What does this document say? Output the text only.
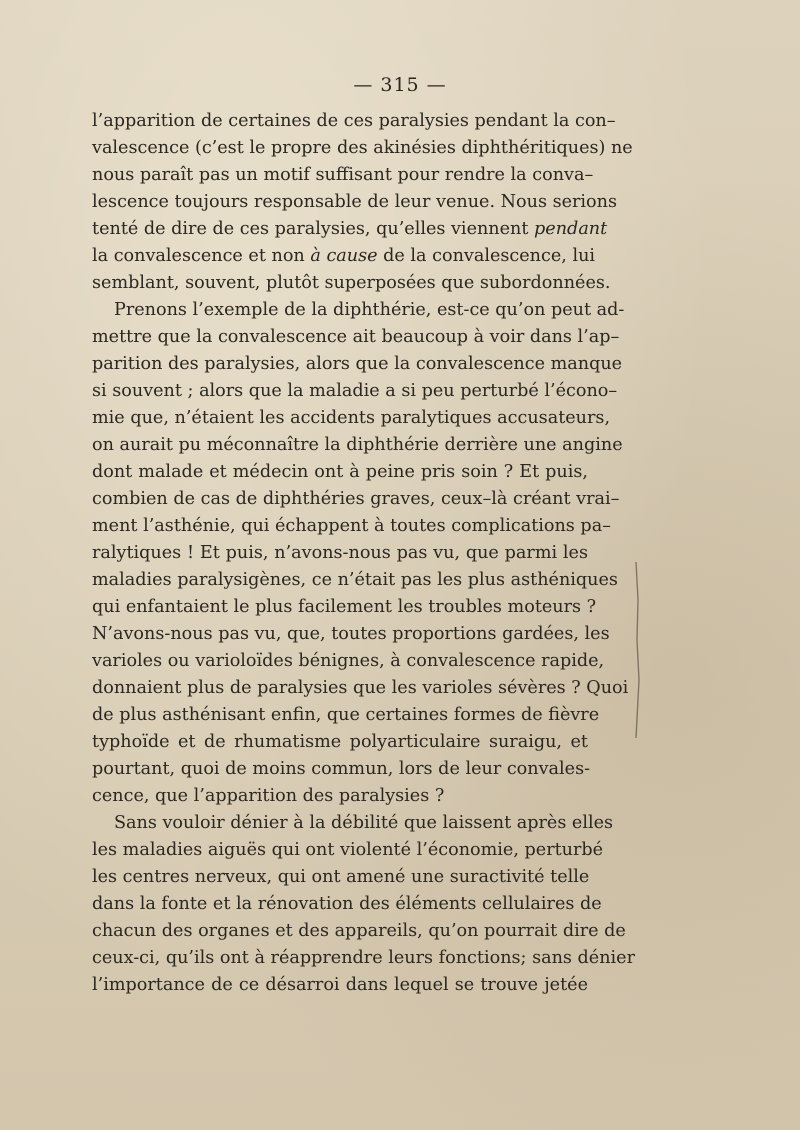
— 315 —
l’apparition de certaines de ces paralysies pendant la con–
valescence (c’est le propre des akinésies diphthéritiques) ne
nous paraît pas un motif suffisant pour rendre la conva–
lescence toujours responsable de leur venue. Nous serions
tenté de dire de ces paralysies, qu’elles viennent pendant
la convalescence et non à cause de la convalescence, lui
semblant, souvent, plutôt superposées que subordonnées.
Prenons l’exemple de la diphthérie, est-ce qu’on peut ad-
mettre que la convalescence ait beaucoup à voir dans l’ap–
parition des paralysies, alors que la convalescence manque
si souvent ; alors que la maladie a si peu perturbé l’écono–
mie que, n’étaient les accidents paralytiques accusateurs,
on aurait pu méconnaître la diphthérie derrière une angine
dont malade et médecin ont à peine pris soin ? Et puis,
combien de cas de diphthéries graves, ceux–là créant vrai–
ment l’asthénie, qui échappent à toutes complications pa–
ralytiques ! Et puis, n’avons-nous pas vu, que parmi les
maladies paralysigènes, ce n’était pas les plus asthéniques
qui enfantaient le plus facilement les troubles moteurs ?
N’avons-nous pas vu, que, toutes proportions gardées, les
varioles ou varioloïdes bénignes, à convalescence rapide,
donnaient plus de paralysies que les varioles sévères ? Quoi
de plus asthénisant enfin, que certaines formes de fièvre
typhoïde et de rhumatisme polyarticulaire suraigu, et
pourtant, quoi de moins commun, lors de leur convales-
cence, que l’apparition des paralysies ?
Sans vouloir dénier à la débilité que laissent après elles
les maladies aiguës qui ont violenté l’économie, perturbé
les centres nerveux, qui ont amené une suractivité telle
dans la fonte et la rénovation des éléments cellulaires de
chacun des organes et des appareils, qu’on pourrait dire de
ceux-ci, qu’ils ont à réapprendre leurs fonctions; sans dénier
l’importance de ce désarroi dans lequel se trouve jetée
